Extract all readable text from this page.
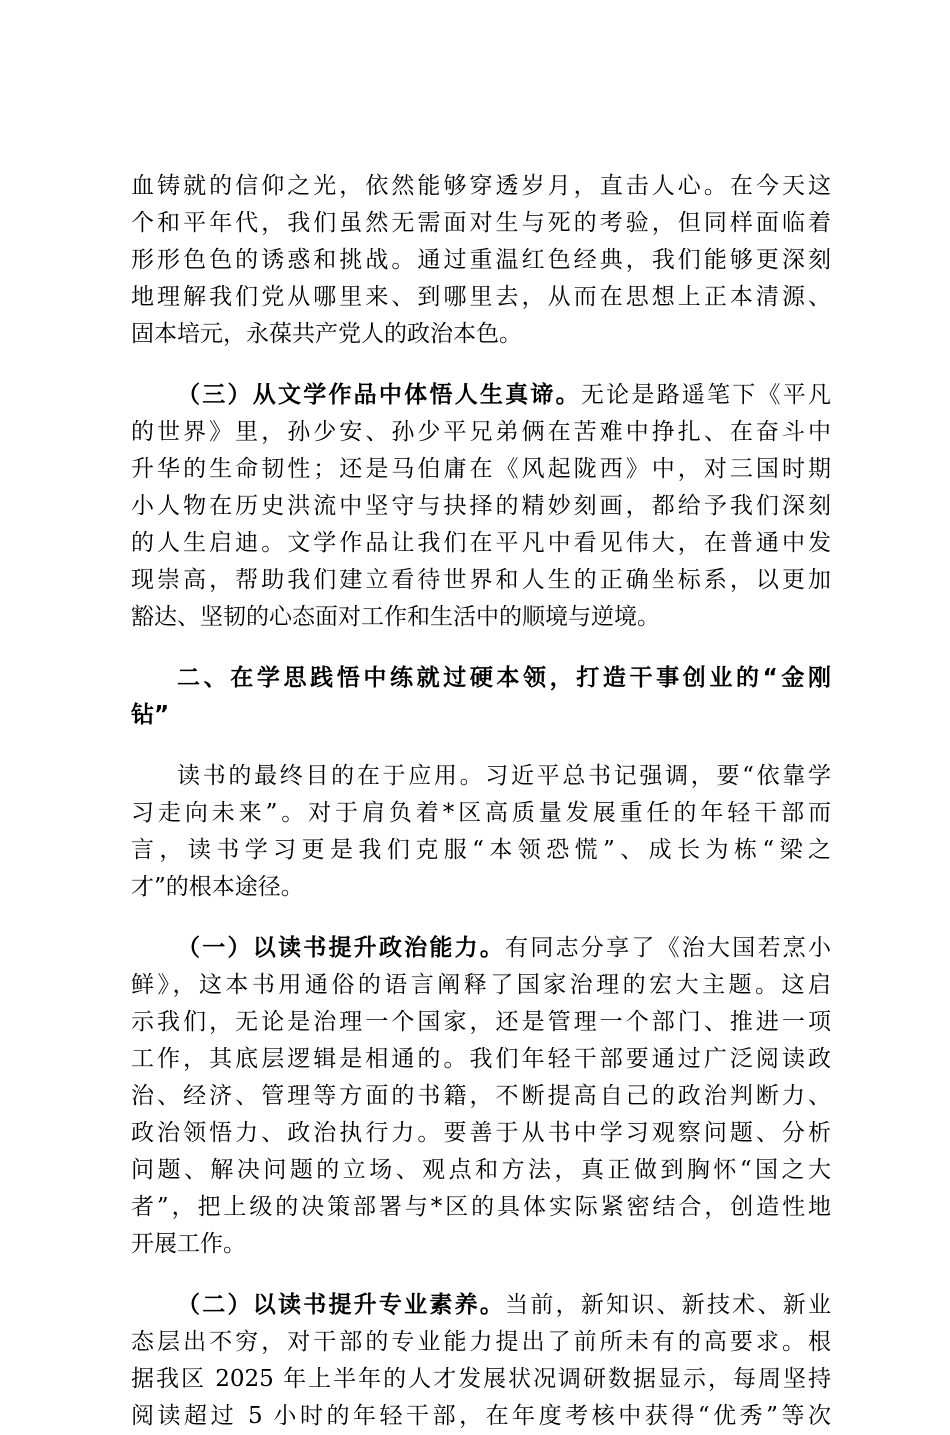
血铸就的信仰之光，依然能够穿透岁月，直击人心。在今天这
个和平年代，我们虽然无需面对生与死的考验，但同样面临着
形形色色的诱惑和挑战。通过重温红色经典，我们能够更深刻
地理解我们党从哪里来、到哪里去，从而在思想上正本清源、
固本培元，永葆共产党人的政治本色。
（三）从文学作品中体悟人生真谛。无论是路遥笔下《平凡
的世界》里，孙少安、孙少平兄弟俩在苦难中挣扎、在奋斗中
升华的生命韧性；还是马伯庸在《风起陇西》中，对三国时期
小人物在历史洪流中坚守与抉择的精妙刻画，都给予我们深刻
的人生启迪。文学作品让我们在平凡中看见伟大，在普通中发
现崇高，帮助我们建立看待世界和人生的正确坐标系，以更加
豁达、坚韧的心态面对工作和生活中的顺境与逆境。
二、在学思践悟中练就过硬本领，打造干事创业的“金刚
钻”
读书的最终目的在于应用。习近平总书记强调，要“依靠学
习走向未来”。对于肩负着*区高质量发展重任的年轻干部而
言，读书学习更是我们克服“本领恐慌”、成长为栋“梁之
才”的根本途径。
（一）以读书提升政治能力。有同志分享了《治大国若烹小
鲜》，这本书用通俗的语言阐释了国家治理的宏大主题。这启
示我们，无论是治理一个国家，还是管理一个部门、推进一项
工作，其底层逻辑是相通的。我们年轻干部要通过广泛阅读政
治、经济、管理等方面的书籍，不断提高自己的政治判断力、
政治领悟力、政治执行力。要善于从书中学习观察问题、分析
问题、解决问题的立场、观点和方法，真正做到胸怀“国之大
者”，把上级的决策部署与*区的具体实际紧密结合，创造性地
开展工作。
（二）以读书提升专业素养。当前，新知识、新技术、新业
态层出不穷，对干部的专业能力提出了前所未有的高要求。根
据我区 2025 年上半年的人才发展状况调研数据显示，每周坚持
阅读超过 5 小时的年轻干部，在年度考核中获得“优秀”等次
